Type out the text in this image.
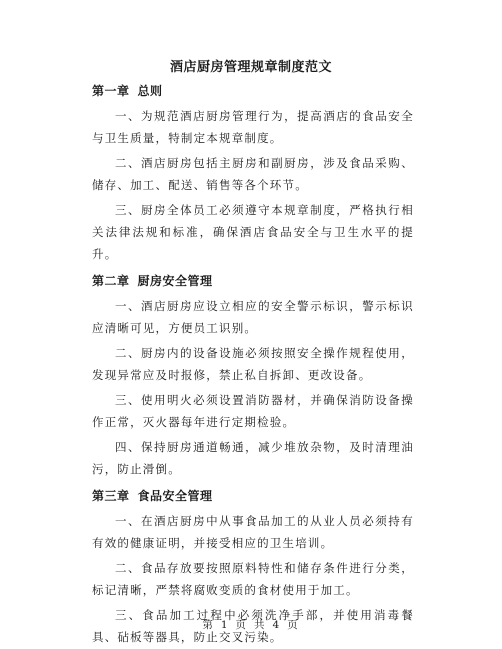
酒店厨房管理规章制度范文
第一章 总则

一、为规范酒店厨房管理行为，提高酒店的食品安全与卫生质量，特制定本规章制度。

二、酒店厨房包括主厨房和副厨房，涉及食品采购、储存、加工、配送、销售等各个环节。

三、厨房全体员工必须遵守本规章制度，严格执行相关法律法规和标准，确保酒店食品安全与卫生水平的提升。

第二章 厨房安全管理

一、酒店厨房应设立相应的安全警示标识，警示标识应清晰可见，方便员工识别。

二、厨房内的设备设施必须按照安全操作规程使用，发现异常应及时报修，禁止私自拆卸、更改设备。

三、使用明火必须设置消防器材，并确保消防设备操作正常，灭火器每年进行定期检验。

四、保持厨房通道畅通，减少堆放杂物，及时清理油污，防止滑倒。

第三章 食品安全管理

一、在酒店厨房中从事食品加工的从业人员必须持有有效的健康证明，并接受相应的卫生培训。

二、食品存放要按照原料特性和储存条件进行分类，标记清晰，严禁将腐败变质的食材使用于加工。

三、食品加工过程中必须洗净手部，并使用消毒餐具、砧板等器具，防止交叉污染。

第 1 页 共 4 页
